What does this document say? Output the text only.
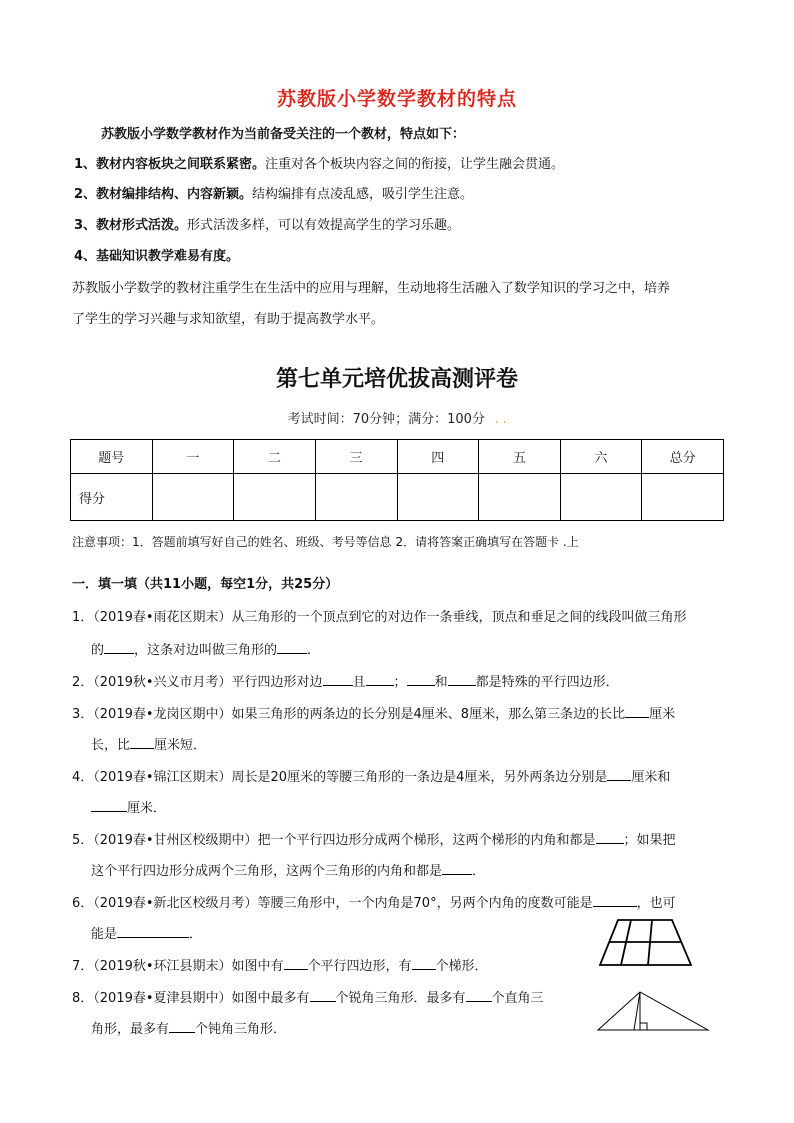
苏教版小学数学教材的特点
苏教版小学数学教材作为当前备受关注的一个教材，特点如下：
1、教材内容板块之间联系紧密。注重对各个板块内容之间的衔接，让学生融会贯通。
2、教材编排结构、内容新颖。结构编排有点凌乱感，吸引学生注意。
3、教材形式活泼。形式活泼多样，可以有效提高学生的学习乐趣。
4、基础知识教学难易有度。
苏教版小学数学的教材注重学生在生活中的应用与理解，生动地将生活融入了数学知识的学习之中，培养
了学生的学习兴趣与求知欲望，有助于提高教学水平。
第七单元培优拔高测评卷
考试时间：70分钟；满分：100分 . .
题号	一	二	三	四	五	六	总分
得分							
注意事项：1．答题前填写好自己的姓名、班级、考号等信息 2．请将答案正确填写在答题卡 .上
一．填一填（共11小题，每空1分，共25分）
1．（2019春•雨花区期末）从三角形的一个顶点到它的对边作一条垂线，顶点和垂足之间的线段叫做三角形
的 ，这条对边叫做三角形的 ．
2．（2019秋•兴义市月考）平行四边形对边 且 ； 和 都是特殊的平行四边形．
3．（2019春•龙岗区期中）如果三角形的两条边的长分别是4厘米、8厘米，那么第三条边的长比 厘米
长，比 厘米短．
4．（2019春•锦江区期末）周长是20厘米的等腰三角形的一条边是4厘米，另外两条边分别是 厘米和
厘米．
5．（2019春•甘州区校级期中）把一个平行四边形分成两个梯形，这两个梯形的内角和都是 ；如果把
这个平行四边形分成两个三角形，这两个三角形的内角和都是 ．
6．（2019春•新北区校级月考）等腰三角形中，一个内角是70°，另两个内角的度数可能是	，也可
能是	．
7．（2019秋•环江县期末）如图中有 个平行四边形，有 个梯形．
8．（2019春•夏津县期中）如图中最多有 个锐角三角形．最多有 个直角三
角形，最多有 个钝角三角形．
